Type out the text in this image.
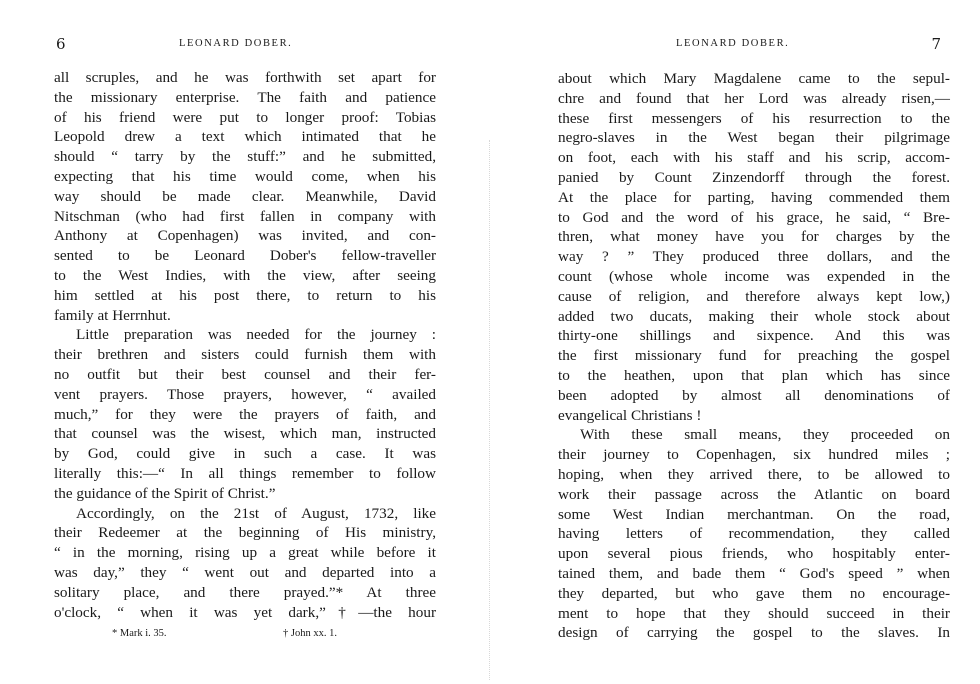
6	LEONARD DOBER.
all scruples, and he was forthwith set apart for
the missionary enterprise. The faith and patience
of his friend were put to longer proof: Tobias
Leopold drew a text which intimated that he
should “ tarry by the stuff:” and he submitted,
expecting that his time would come, when his
way should be made clear. Meanwhile, David
Nitschman (who had first fallen in company with
Anthony at Copenhagen) was invited, and con-
sented to be Leonard Dober's fellow-traveller
to the West Indies, with the view, after seeing
him settled at his post there, to return to his
family at Herrnhut.
Little preparation was needed for the journey :
their brethren and sisters could furnish them with
no outfit but their best counsel and their fer-
vent prayers. Those prayers, however, “ availed
much,” for they were the prayers of faith, and
that counsel was the wisest, which man, instructed
by God, could give in such a case. It was
literally this:—“ In all things remember to follow
the guidance of the Spirit of Christ.”
Accordingly, on the 21st of August, 1732, like
their Redeemer at the beginning of His ministry,
“ in the morning, rising up a great while before it
was day,” they “ went out and departed into a
solitary place, and there prayed.”* At three
o'clock, “ when it was yet dark,”†—the hour
* Mark i. 35.	† John xx. 1.
7
LEONARD DOBER.
about which Mary Magdalene came to the sepul-
chre and found that her Lord was already risen,—
these first messengers of his resurrection to the
negro-slaves in the West began their pilgrimage
on foot, each with his staff and his scrip, accom-
panied by Count Zinzendorff through the forest.
At the place for parting, having commended them
to God and the word of his grace, he said, “ Bre-
thren, what money have you for charges by the
way ? ” They produced three dollars, and the
count (whose whole income was expended in the
cause of religion, and therefore always kept low,)
added two ducats, making their whole stock about
thirty-one shillings and sixpence. And this was
the first missionary fund for preaching the gospel
to the heathen, upon that plan which has since
been adopted by almost all denominations of
evangelical Christians !
With these small means, they proceeded on
their journey to Copenhagen, six hundred miles ;
hoping, when they arrived there, to be allowed to
work their passage across the Atlantic on board
some West Indian merchantman. On the road,
having letters of recommendation, they called
upon several pious friends, who hospitably enter-
tained them, and bade them “ God's speed ” when
they departed, but who gave them no encourage-
ment to hope that they should succeed in their
design of carrying the gospel to the slaves. In
